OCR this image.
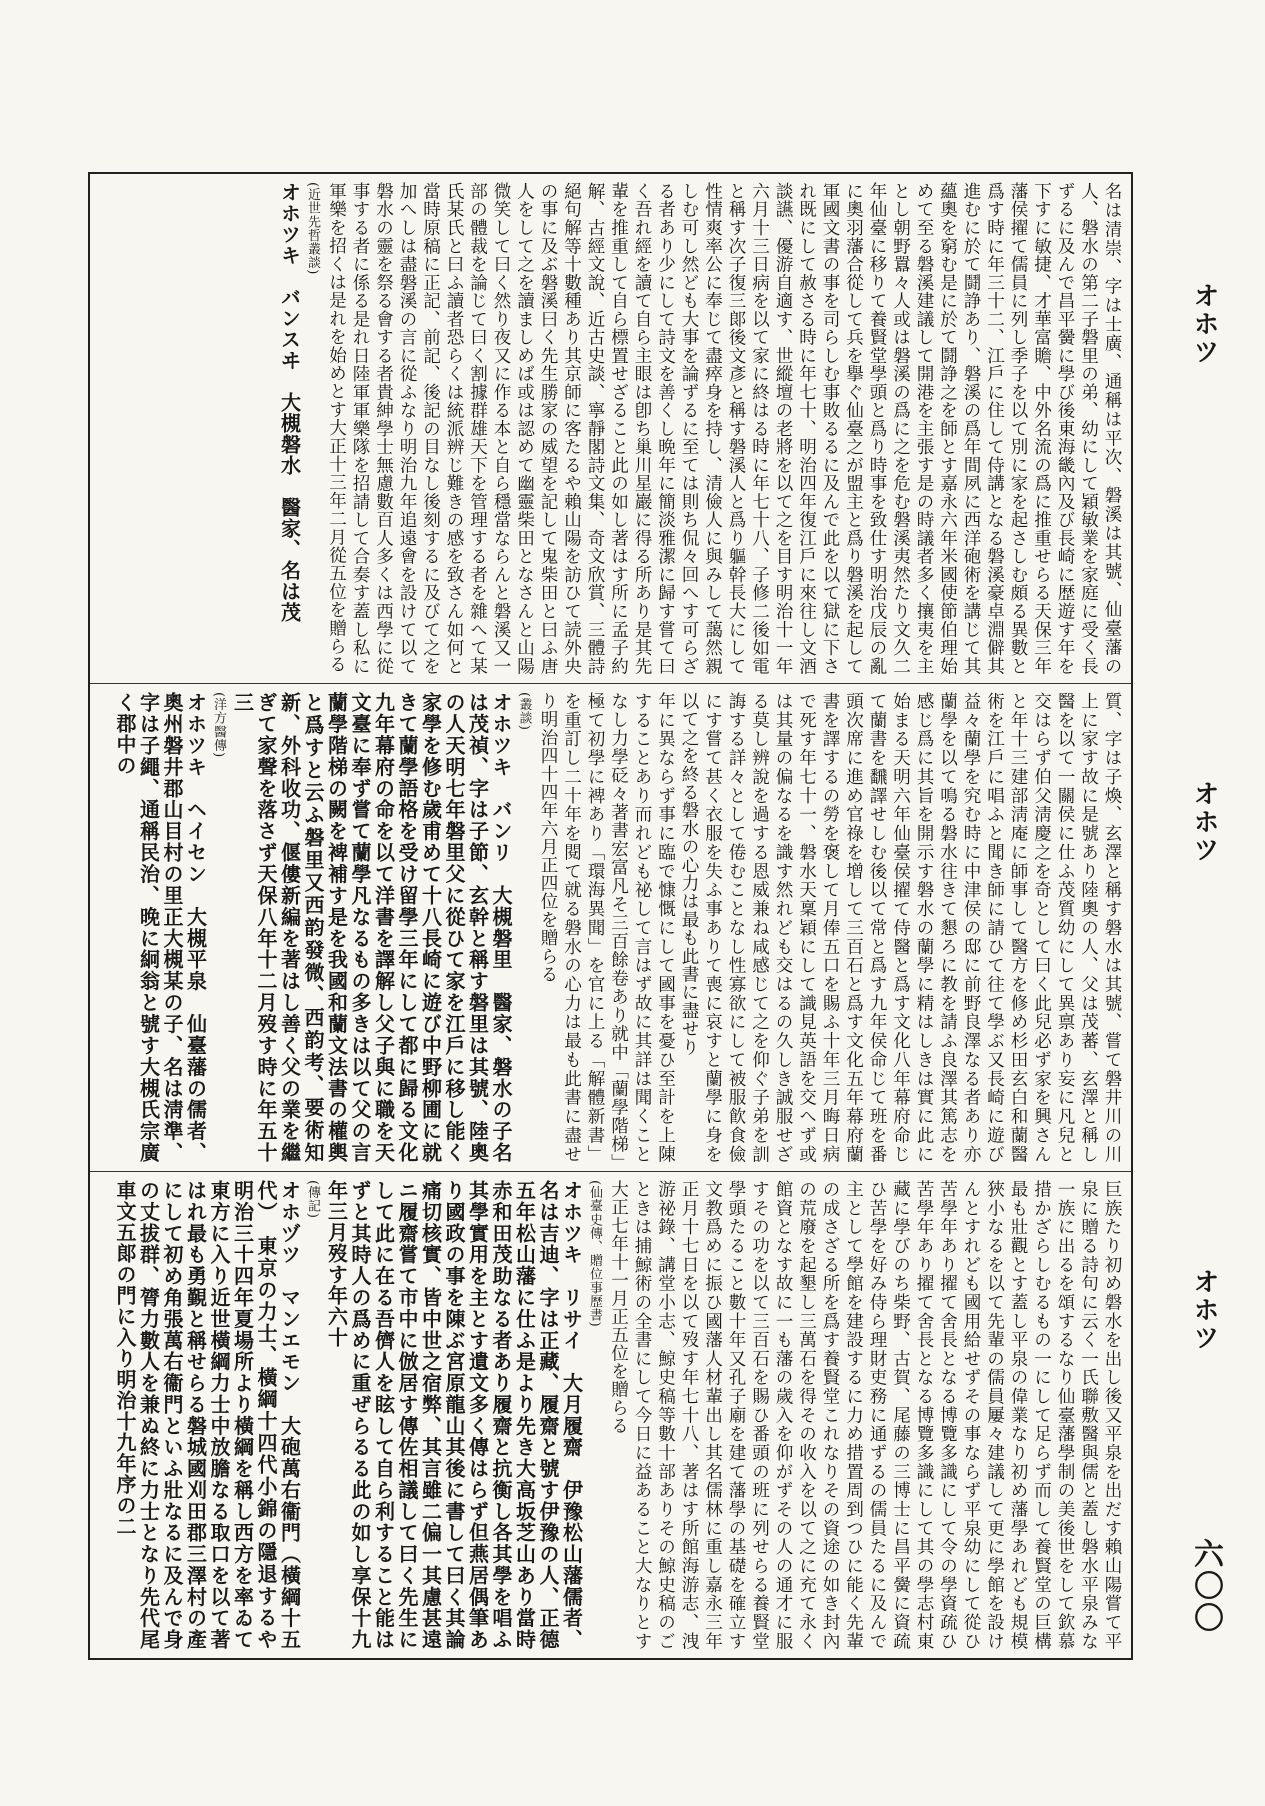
名は清崇、字は士廣、通稱は平次、磐溪は其號、仙臺藩の人、磐水の第二子磐里の弟、幼にして穎敏業を家庭に受く長ずるに及んで昌平黌に學び後東海畿內及び長崎に歴遊す年を下すに敏捷、才華富贍、中外名流の爲に推重せらる天保三年藩侯擢て儒員に列し季子を以て別に家を起さしむ頗る異數と爲す時に年三十二、江戶に住して侍講となる磐溪豪卓淵僻其進むに於て鬪諍あり、磐溪の爲年間夙に西洋砲術を講じて其蘊奧を窮む是に於て鬪諍之を師とす嘉永六年米國使節伯理始めて至る磐溪建議して開港を主張す是の時議者多く攘夷を主とし朝野囂々人或は磐溪の爲に之を危む磐溪夷然たり文久二年仙臺に移りて養賢堂學頭と爲り時事を致仕す明治戊辰の亂に奧羽藩合從して兵を擧ぐ仙臺之が盟主と爲り磐溪を起して軍國文書の事を司らしむ事敗るるに及んで此を以て獄に下され既にして赦さる時に年七十、明治四年復江戶に來往し文酒談讌、優游自適す、世縱壇の老將を以て之を目す明治十一年六月十三日病を以て家に終はる時に年七十八、子修二後如電と稱す次子復三郞後文彥と稱す磐溪人と爲り軀幹長大にして性情爽率公に奉じて盡瘁身を持し、清儉人に與みして藹然親しむ可し然ども大事を論ずるに至ては則ち侃々回へす可らざる者あり少にして詩文を善くし晩年に簡淡雅潔に歸す嘗て曰く吾れ經を讀て自ら主眼は卽ち巢川星巖に得る所あり是其先輩を推重して自ら標置せざること此の如し著はす所に孟子約解、古經文說、近古史談、寧靜閣詩文集、奇文欣賞、三體詩絕句解等十數種あり其京師に客たるや賴山陽を訪ひて読外央の事に及ぶ磐溪曰く先生勝家の威望を記して鬼柴田と曰ふ唐人をして之を讀ましめば或は認めて幽靈柴田となさんと山陽微笑して曰く然り夜又に作る本と自ら穩當ならんと磐溪又一部の體裁を論じて曰く割據群雄天下を管理する者を雜へて某氏某氏と曰ふ讀者恐らくは統派辨じ難きの感を致さん如何と當時原稿に正記、前記、後記の目なし後刻するに及びて之を加へしは盡磐溪の言に從ふなり明治九年追遠會を設けて以て磐水の靈を祭る會する者貴紳學士無慮數百人多くは西學に從事する者に係る是れ日陸軍軍樂隊を招請して合奏す蓋し私に軍樂を招くは是れを始めとす大正十三年二月從五位を贈らる
(近世先哲叢談)
オホツキ　バンスヰ　大槻磐水　醫家、名は茂
質、字は子煥、玄澤と稱す磐水は其號、嘗て磐井川の川上に家す故に是號あり陸奧の人、父は茂蕃、玄澤と稱し醫を以て一關侯に仕ふ茂質幼にして異禀あり妄に凡兒と交はらず伯父淸慶之を奇として曰く此兒必ず家を興さんと年十三建部淸庵に師事して醫方を修め杉田玄白和蘭醫術を江戶に唱ふと聞き師に請ひて往て學ぶ又長崎に遊び益々蘭學を究む時に中津侯の邸に前野良澤なる者あり亦蘭學を以て鳴る磐水往きて懇ろに教を請ふ良澤其篤志を感じ爲に其旨を開示す磐水の蘭學に精はしきは實に此に始まる天明六年仙臺侯擢て侍醫と爲す文化八年幕府命じて蘭書を飜譯せしむ後以て常と爲す九年侯命じて班を番頭次席に進め官祿を增して三百石と爲す文化五年幕府蘭書を譯するの勞を褒して月俸五口を賜ふ十年三月晦日病で死す年七十一、磐水天稟穎にして識見英語を交へず或は其量の偏なるを識す然れども交はるの久しき誠服せざる莫し辨說を過する恩威兼ね咸感じて之を仰ぐ子弟を訓誨する詳々として倦むことなし性寡欲にして被服飮食儉にす嘗て甚く衣服を失ふ事ありて喪に哀すと蘭學に身を以て之を終る磐水の心力は最も此書に盡せり
年に異ならず事に臨で慷慨にして國事を憂ひ至計を上陳することあり而れども祕して言はず故に其詳は聞くことなし力學砭々著書宏富凡そ三百餘卷あり就中「蘭學階梯」極て初學に裨あり「環海異聞」を官に上る「解體新書」を重訂し二十年を閱て就る磐水の心力は最も此書に盡せり明治四十四年六月正四位を贈らる
(叢談)
オホツキ　バンリ　大槻磐里　醫家、磐水の子名は茂禎、字は子節、玄幹と稱す磐里は其號、陸奧の人天明七年磐里父に從ひて家を江戶に移し能く家學を修む歲甫めて十八長崎に遊び中野柳圃に就きて蘭學語格を受け留學三年にして都に歸る文化九年幕府の命を以て洋書を譯解し父子與に職を天文臺に奉ず嘗て蘭學凡なるもの多きは以て父の言蘭學階梯の闕を裨補す是を我國和蘭文法書の權輿と爲すと云ふ磐里又西韵發微、西韵考、要術知新、外科收功、偃僂新編を著はし善く父の業を繼ぎて家聲を落さず天保八年十二月歿す時に年五十三
(洋方醫傳)
オホツキ　ヘイセン　大槻平泉　仙臺藩の儒者、奧州磐井郡山目村の里正大槻某の子、名は淸準、字は子繩、通稱民治、晚に絅翁と號す大槻氏宗廣く郡中の
巨族たり初め磐水を出し後又平泉を出だす賴山陽嘗て平泉に贈る詩句に云く一氏聯敷醫與儒と蓋し磐水平泉みな一族に出るを頌するなり仙臺藩學制の美後世をして欽慕措かざらしむるもの一にして足らず而して養賢堂の巨構最も壯觀とす蓋し平泉の偉業なり初め藩學あれども規模狹小なるを以て先輩の儒員屢々建議して更に學館を設けんとすれども國用給せずその事ならず平泉幼にして從ひ苦學年あり擢て舍長となる博覽多識にして令の學資疏ひ苦學年あり擢て舍長となる博覽多識にして其の學志村東藏に學びのち柴野、古賀、尾藤の三博士に昌平黌に資疏ひ苦學を好み侍ら理財吏務に通ずるの儒員たるに及んで主として學館を建設するに力め措置周到つひに能く先輩の成さざる所を爲す養賢堂これなりその資途の如き封內の荒廢を起墾し三萬石を得その收入を以て之に充て永く館資となす故に一も藩の歲入を仰がずその人の通才に服すその功を以て三百石を賜ひ番頭の班に列せらる養賢堂學頭たること數十年又孔子廟を建て藩學の基礎を確立す文教爲めに振ひ國藩人材輩出し其名儒林に重し嘉永三年正月十七日を以て歿す年七十八、著はす所館海游志、洩游祕錄、講堂小志、鯨史稿等數十部ありその鯨史稿のごときは捕鯨術の全書にして今日に益あること大なりとす大正七年十一月正五位を贈らる
(仙臺史傳、贈位事歷書)
オホツキ　リサイ　大月履齋　伊豫松山藩儒者、名は吉迪、字は正藏、履齋と號す伊豫の人、正德五年松山藩に仕ふ是より先き大高坂芝山あり當時赤和田茂助なる者あり履齋と抗衡し各其學を唱ふ其學實用を主とす遺文多く傳はらず但燕居偶筆あり國政の事を陳ぶ宮原龍山其後に書して曰く其論痛切核實、皆中世之宿弊、其言雖二偏一其慮甚遠ニ履齋嘗て市中に倣居す傳佐相議して曰く先生にして此に在る吾儕人を眩して自ら利すること能はずと其時人の爲めに重ぜらるる此の如し享保十九年三月歿す年六十
(傳記)
オホヅツ　マンエモン　大砲萬右衞門（橫綱十五代）　東京の力士、橫綱十四代小錦の隱退するや明治三十四年夏場所より橫綱を稱し西方を率ゐて東方に入り近世橫綱力士中放膽なる取口を以て著はれ最も勇覲と稱せらる磐城國刈田郡三澤村の產にして初め角張萬右衞門といふ壯なるに及んで身の丈拔群、膂力數人を兼ぬ終に力士となり先代尾車文五郞の門に入り明治十九年序の二
オホツ
オホツ
オホツ
六〇〇
